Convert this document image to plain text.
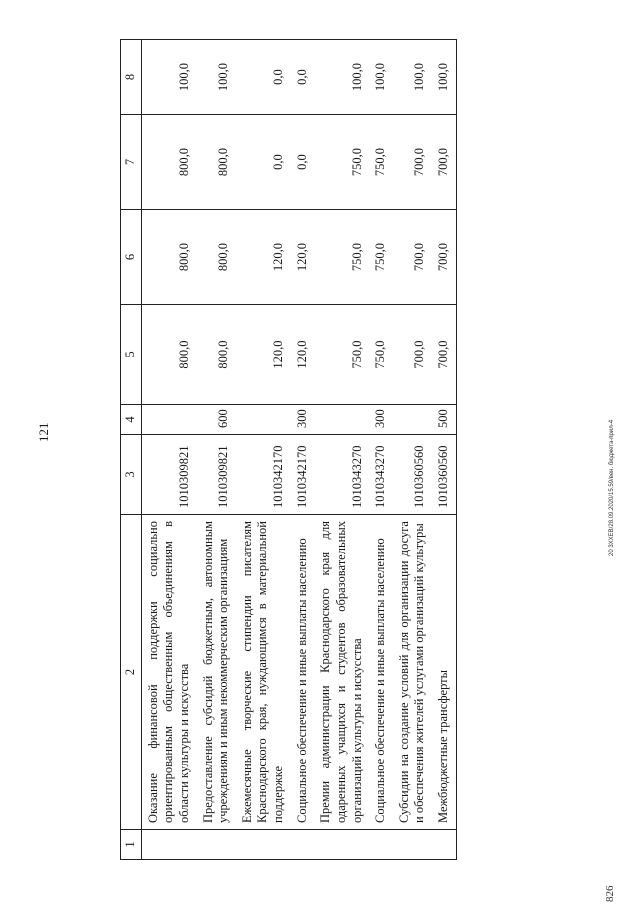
121
1	2	3	4	5	6	7	8
	Оказание финансовой поддержки социально ориентированным общественным объединениям в области культуры и искусства	1010309821		800,0	800,0	800,0	100,0
	Предоставление субсидий бюджетным, автономным учреждениям и иным некоммерческим организациям	1010309821	600	800,0	800,0	800,0	100,0
	Ежемесячные творческие стипендии писателям Краснодарского края, нуждающимся в материальной поддержке	1010342170		120,0	120,0	0,0	0,0
	Социальное обеспечение и иные выплаты населению	1010342170	300	120,0	120,0	0,0	0,0
	Премии администрации Краснодарского края для одаренных учащихся и студентов образовательных организаций культуры и искусства	1010343270		750,0	750,0	750,0	100,0
	Социальное обеспечение и иные выплаты населению	1010343270	300	750,0	750,0	750,0	100,0
	Субсидии на создание условий для организации досуга и обеспечения жителей услугами организаций культуры	1010360560		700,0	700,0	700,0	100,0
	Межбюджетные трансферты	1010360560	500	700,0	700,0	700,0	100,0
20 3ХХЕВ/28.09.2020/15.59/вен. бюджета-прил-4
826
